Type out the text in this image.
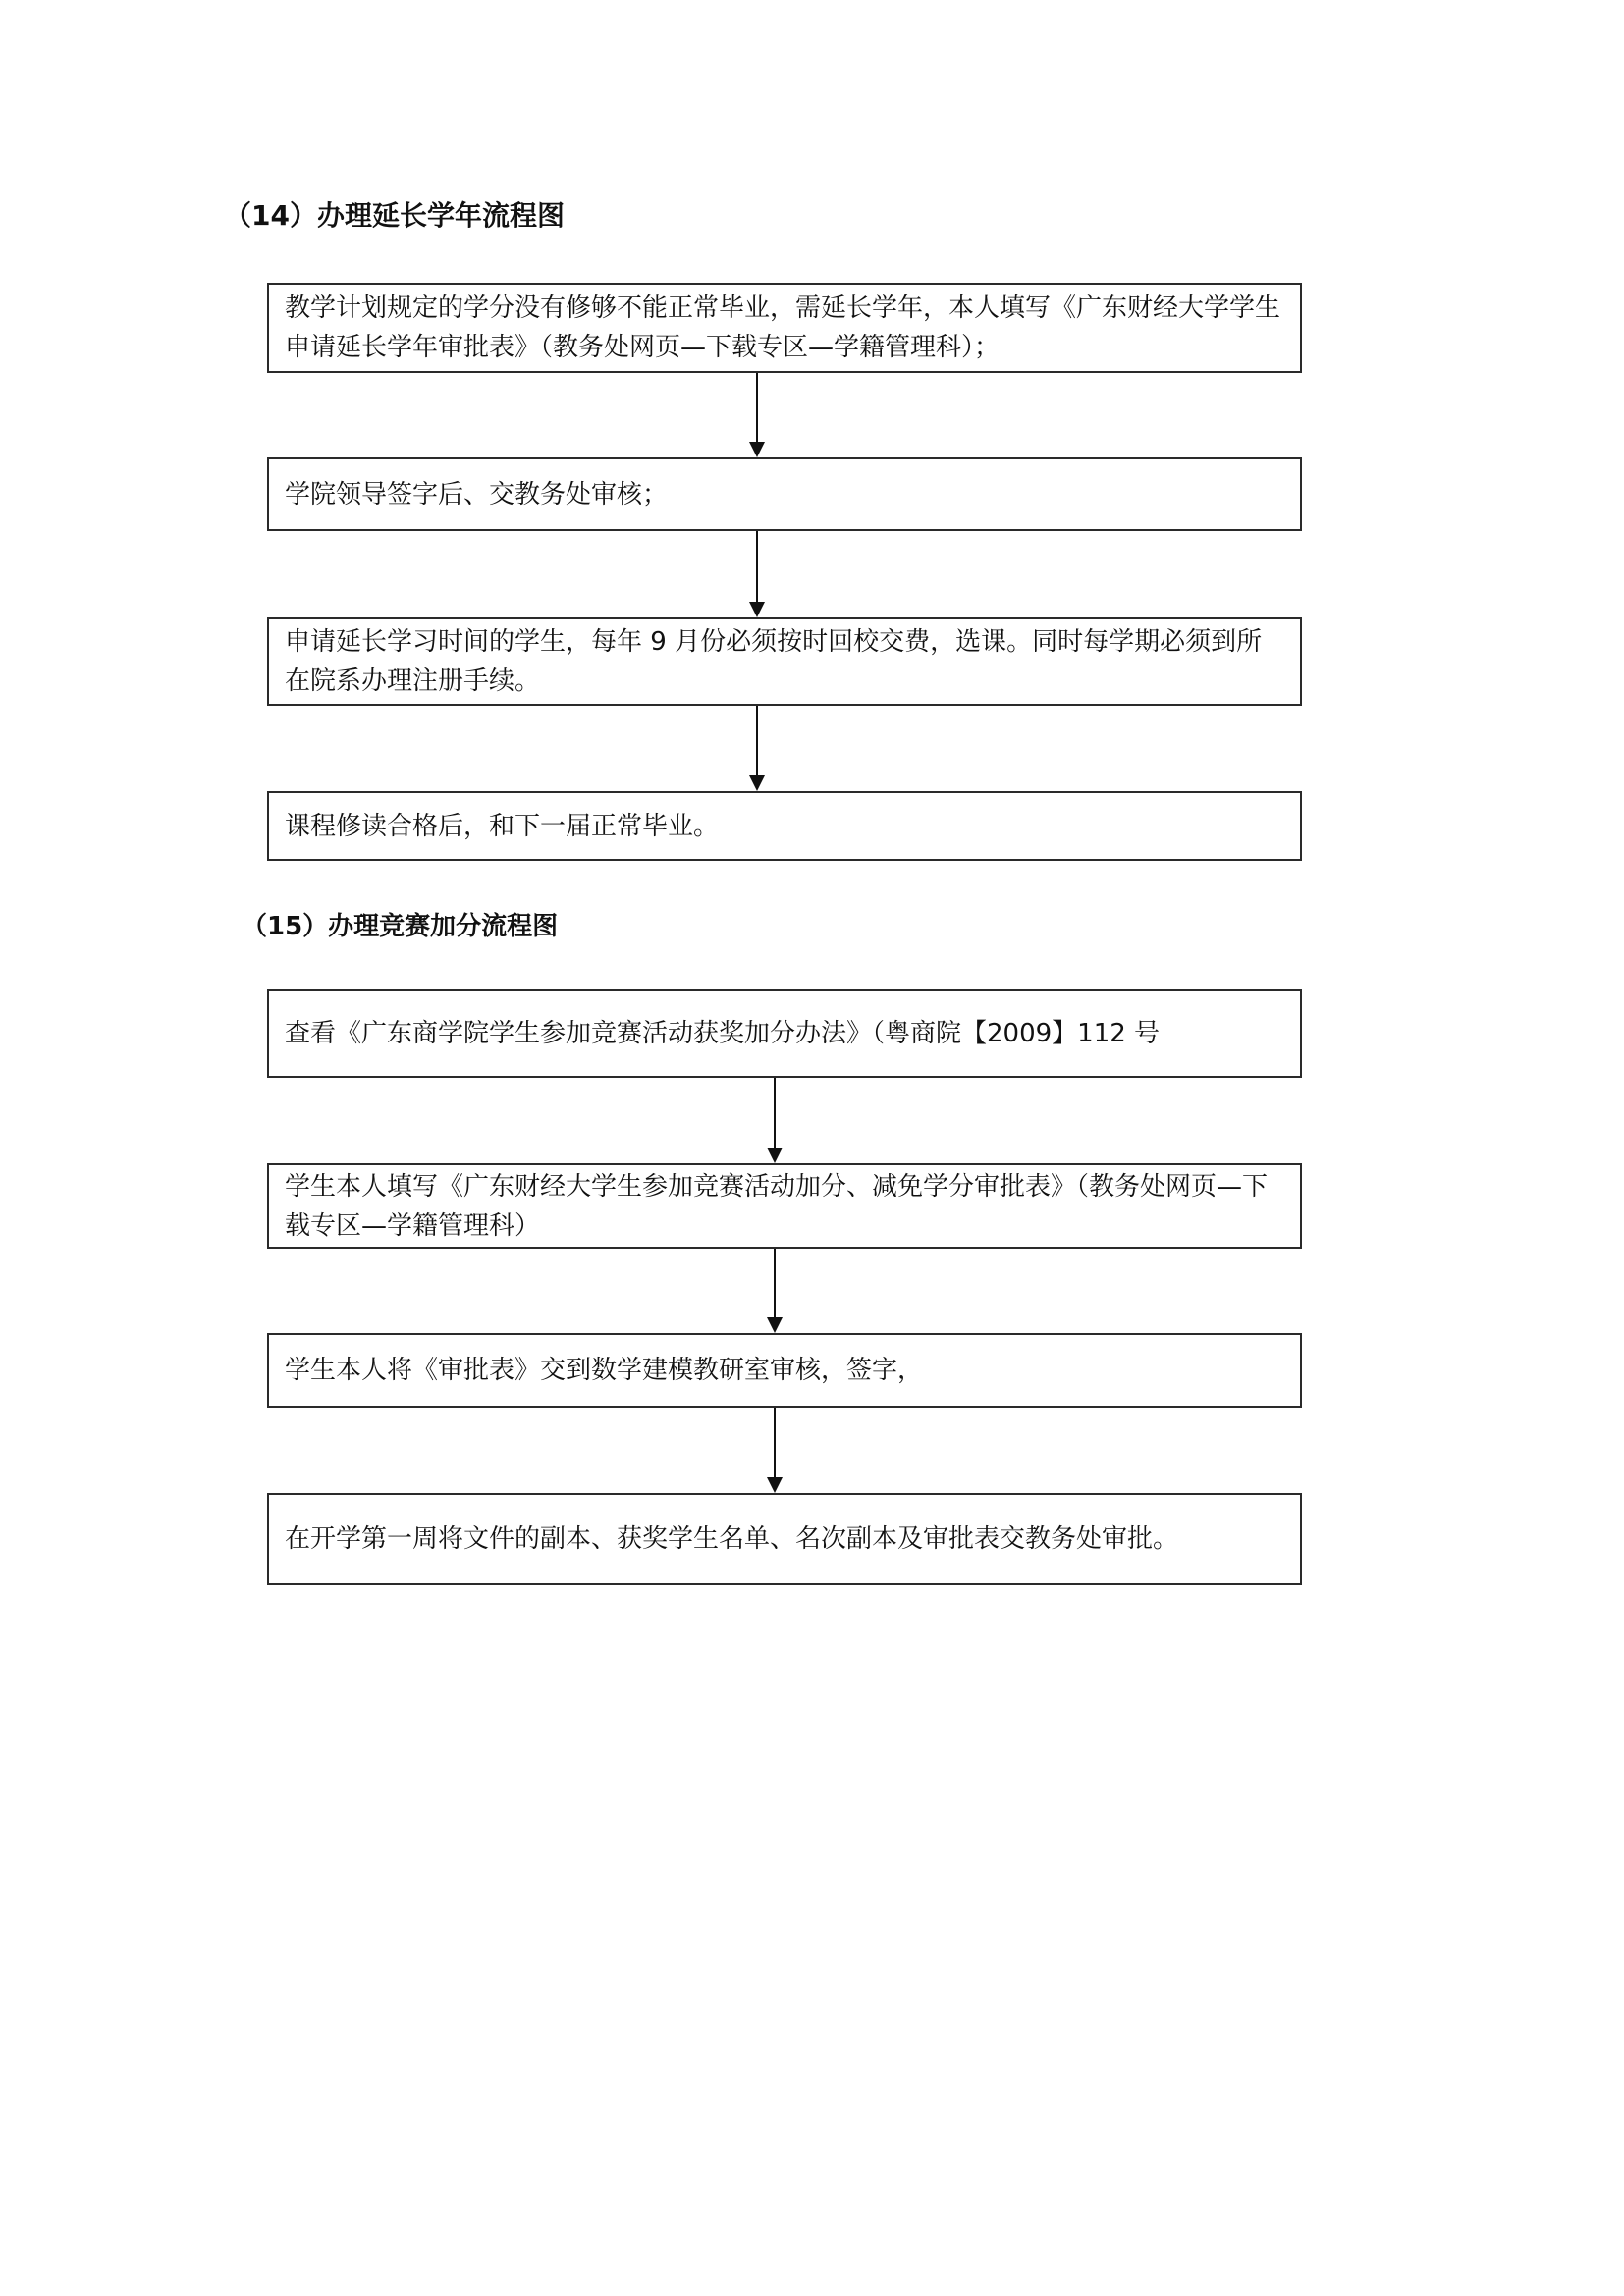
（14）办理延长学年流程图
教学计划规定的学分没有修够不能正常毕业，需延长学年，本人填写《广东财经大学学生申请延长学年审批表》（教务处网页—下载专区—学籍管理科）；
学院领导签字后、交教务处审核；
申请延长学习时间的学生，每年 9 月份必须按时回校交费，选课。同时每学期必须到所在院系办理注册手续。
课程修读合格后，和下一届正常毕业。
（15）办理竞赛加分流程图
查看《广东商学院学生参加竞赛活动获奖加分办法》（粤商院【2009】112 号
学生本人填写《广东财经大学生参加竞赛活动加分、减免学分审批表》（教务处网页—下载专区—学籍管理科）
学生本人将《审批表》交到数学建模教研室审核，签字，
在开学第一周将文件的副本、获奖学生名单、名次副本及审批表交教务处审批。
